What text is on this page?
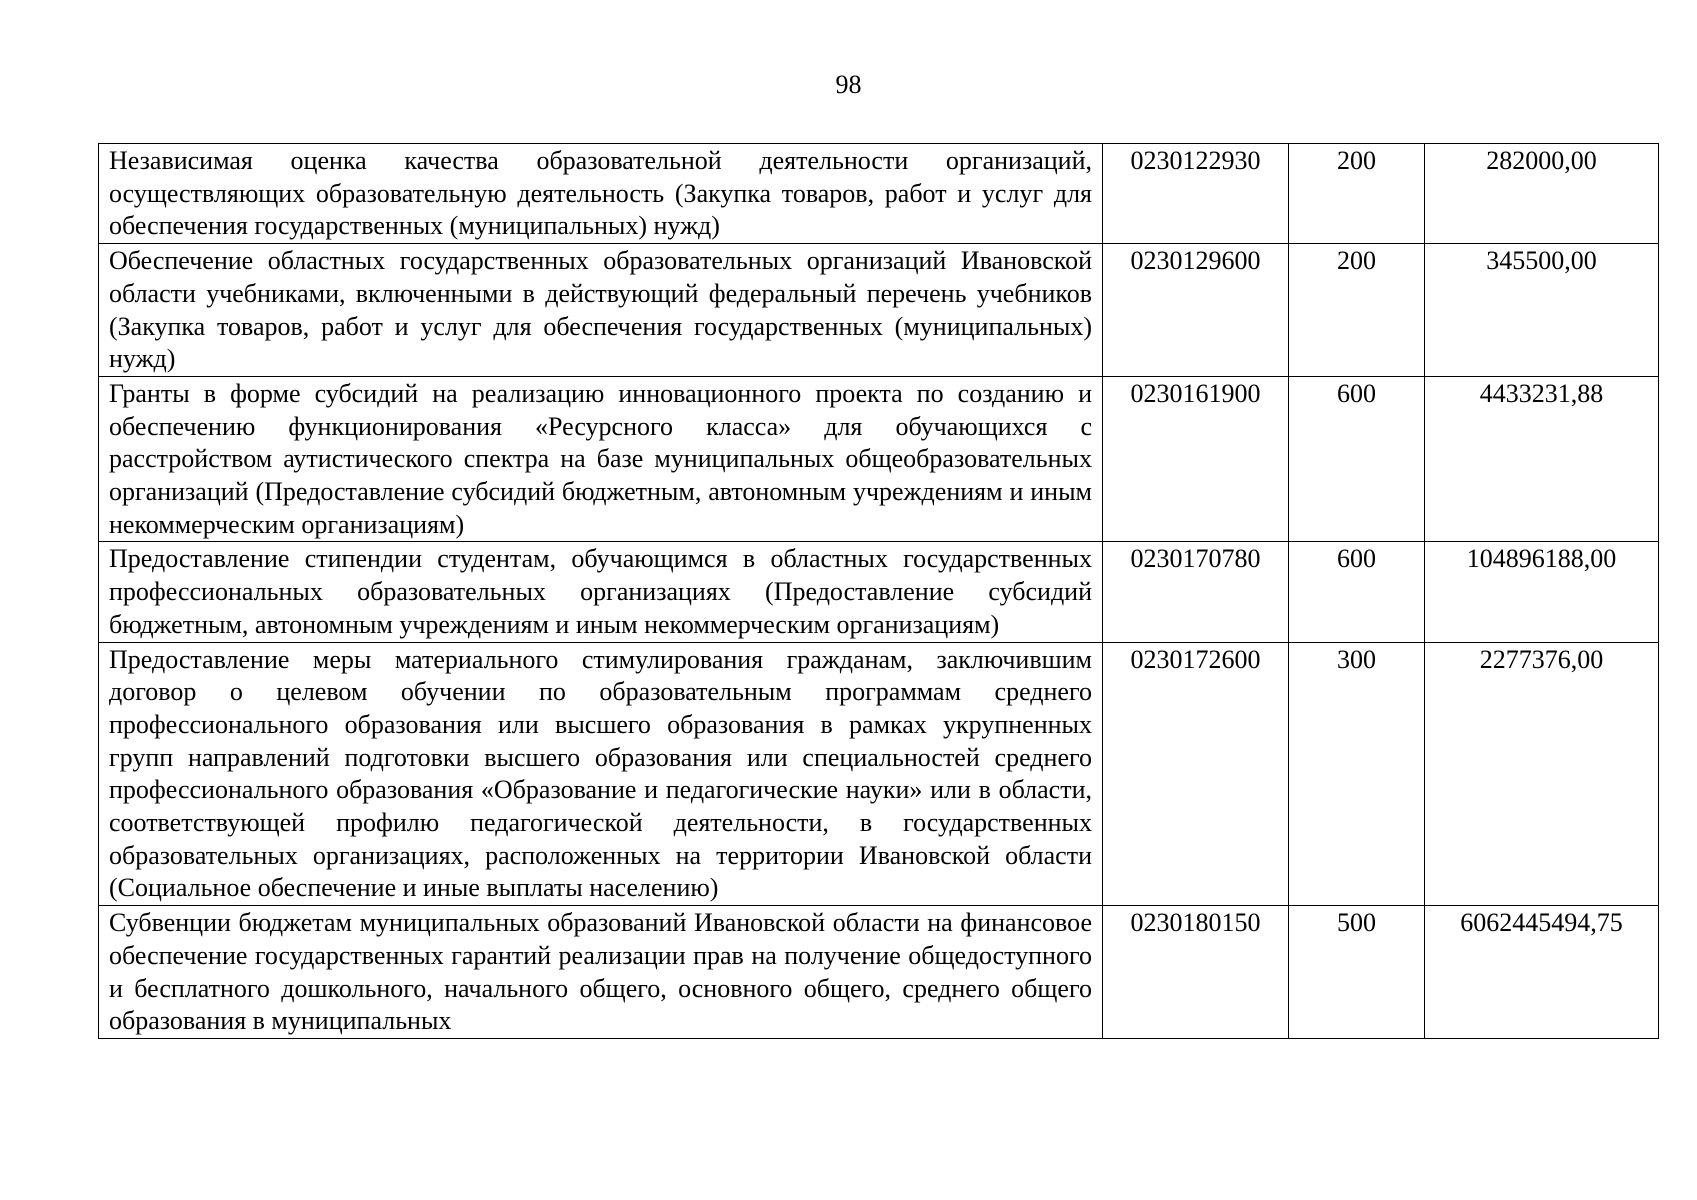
98
Независимая оценка качества образовательной деятельности организаций, осуществляющих образовательную деятельность (Закупка товаров, работ и услуг для обеспечения государственных (муниципальных) нужд)	0230122930	200	282000,00
Обеспечение областных государственных образовательных организаций Ивановской области учебниками, включенными в действующий федеральный перечень учебников (Закупка товаров, работ и услуг для обеспечения государственных (муниципальных) нужд)	0230129600	200	345500,00
Гранты в форме субсидий на реализацию инновационного проекта по созданию и обеспечению функционирования «Ресурсного класса» для обучающихся с расстройством аутистического спектра на базе муниципальных общеобразовательных организаций (Предоставление субсидий бюджетным, автономным учреждениям и иным некоммерческим организациям)	0230161900	600	4433231,88
Предоставление стипендии студентам, обучающимся в областных государственных профессиональных образовательных организациях (Предоставление субсидий бюджетным, автономным учреждениям и иным некоммерческим организациям)	0230170780	600	104896188,00
Предоставление меры материального стимулирования гражданам, заключившим договор о целевом обучении по образовательным программам среднего профессионального образования или высшего образования в рамках укрупненных групп направлений подготовки высшего образования или специальностей среднего профессионального образования «Образование и педагогические науки» или в области, соответствующей профилю педагогической деятельности, в государственных образовательных организациях, расположенных на территории Ивановской области (Социальное обеспечение и иные выплаты населению)	0230172600	300	2277376,00
Субвенции бюджетам муниципальных образований Ивановской области на финансовое обеспечение государственных гарантий реализации прав на получение общедоступного и бесплатного дошкольного, начального общего, основного общего, среднего общего образования в муниципальных	0230180150	500	6062445494,75
